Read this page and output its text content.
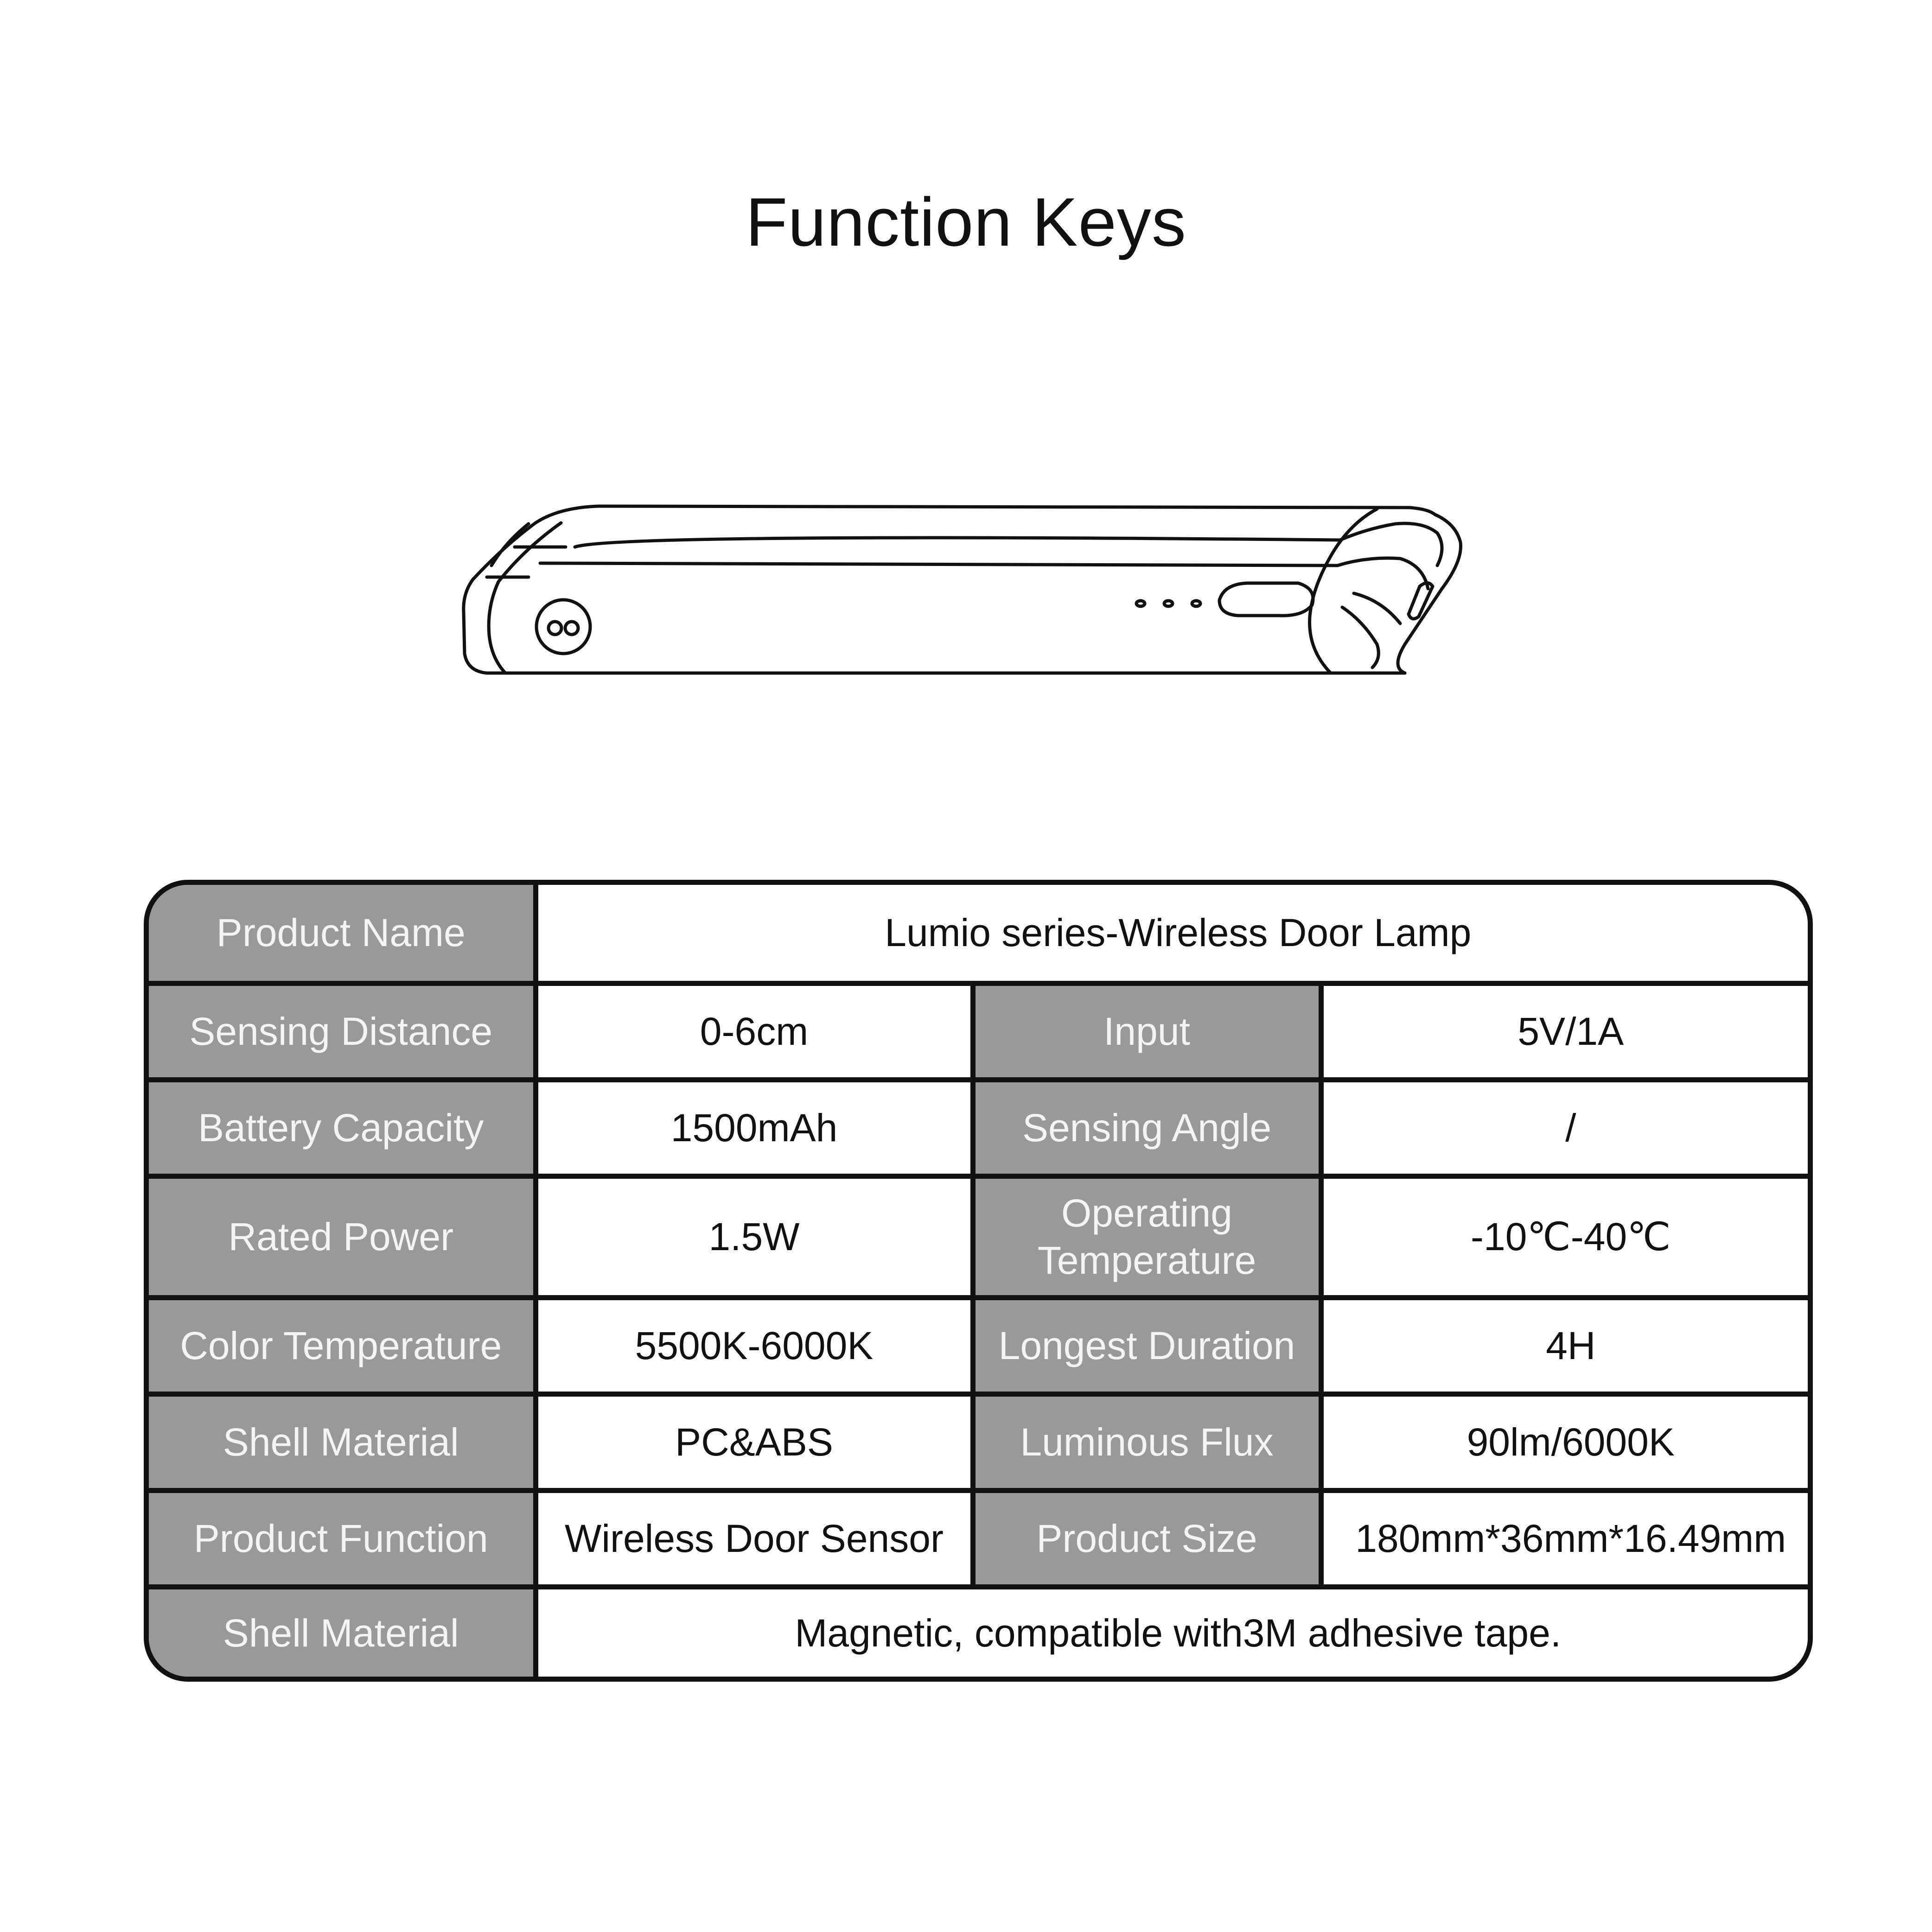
Function Keys
Product Name	Lumio series-Wireless Door Lamp		
Sensing Distance	0-6cm	Input	5V/1A
Battery Capacity	1500mAh	Sensing Angle	/
Rated Power	1.5W	Operating Temperature	-10℃-40℃
Color Temperature	5500K-6000K	Longest Duration	4H
Shell Material	PC&ABS	Luminous Flux	90lm/6000K
Product Function	Wireless Door Sensor	Product Size	180mm*36mm*16.49mm
Shell Material	Magnetic, compatible with3M adhesive tape.		
